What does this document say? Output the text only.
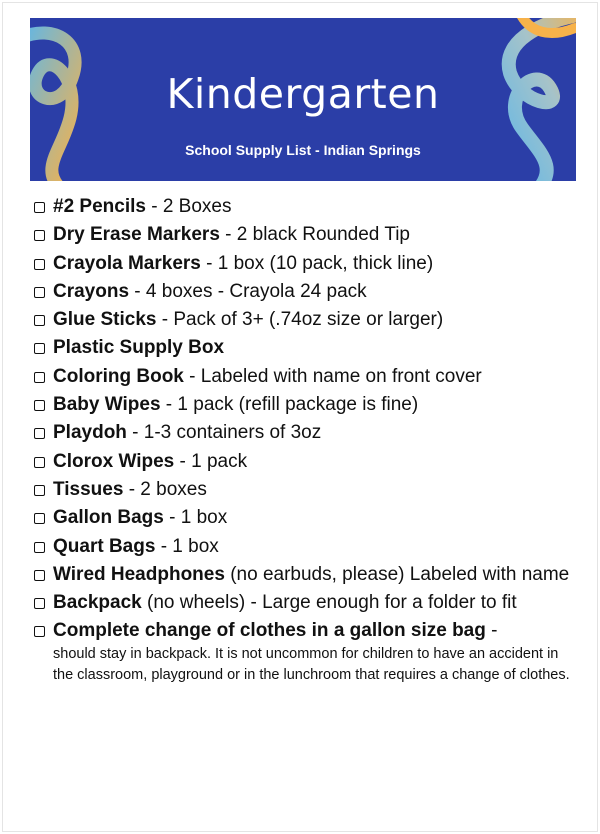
Kindergarten
School Supply List - Indian Springs
#2 Pencils - 2 Boxes
Dry Erase Markers - 2 black Rounded Tip
Crayola Markers - 1 box (10 pack, thick line)
Crayons - 4 boxes - Crayola 24 pack
Glue Sticks - Pack of 3+ (.74oz size or larger)
Plastic Supply Box
Coloring Book - Labeled with name on front cover
Baby Wipes - 1 pack (refill package is fine)
Playdoh - 1-3 containers of 3oz
Clorox Wipes - 1 pack
Tissues - 2 boxes
Gallon Bags - 1 box
Quart Bags - 1 box
Wired Headphones (no earbuds, please) Labeled with name
Backpack (no wheels) - Large enough for a folder to fit
Complete change of clothes in a gallon size bag -
should stay in backpack. It is not uncommon for children to have an accident in the classroom, playground or in the lunchroom that requires a change of clothes.
